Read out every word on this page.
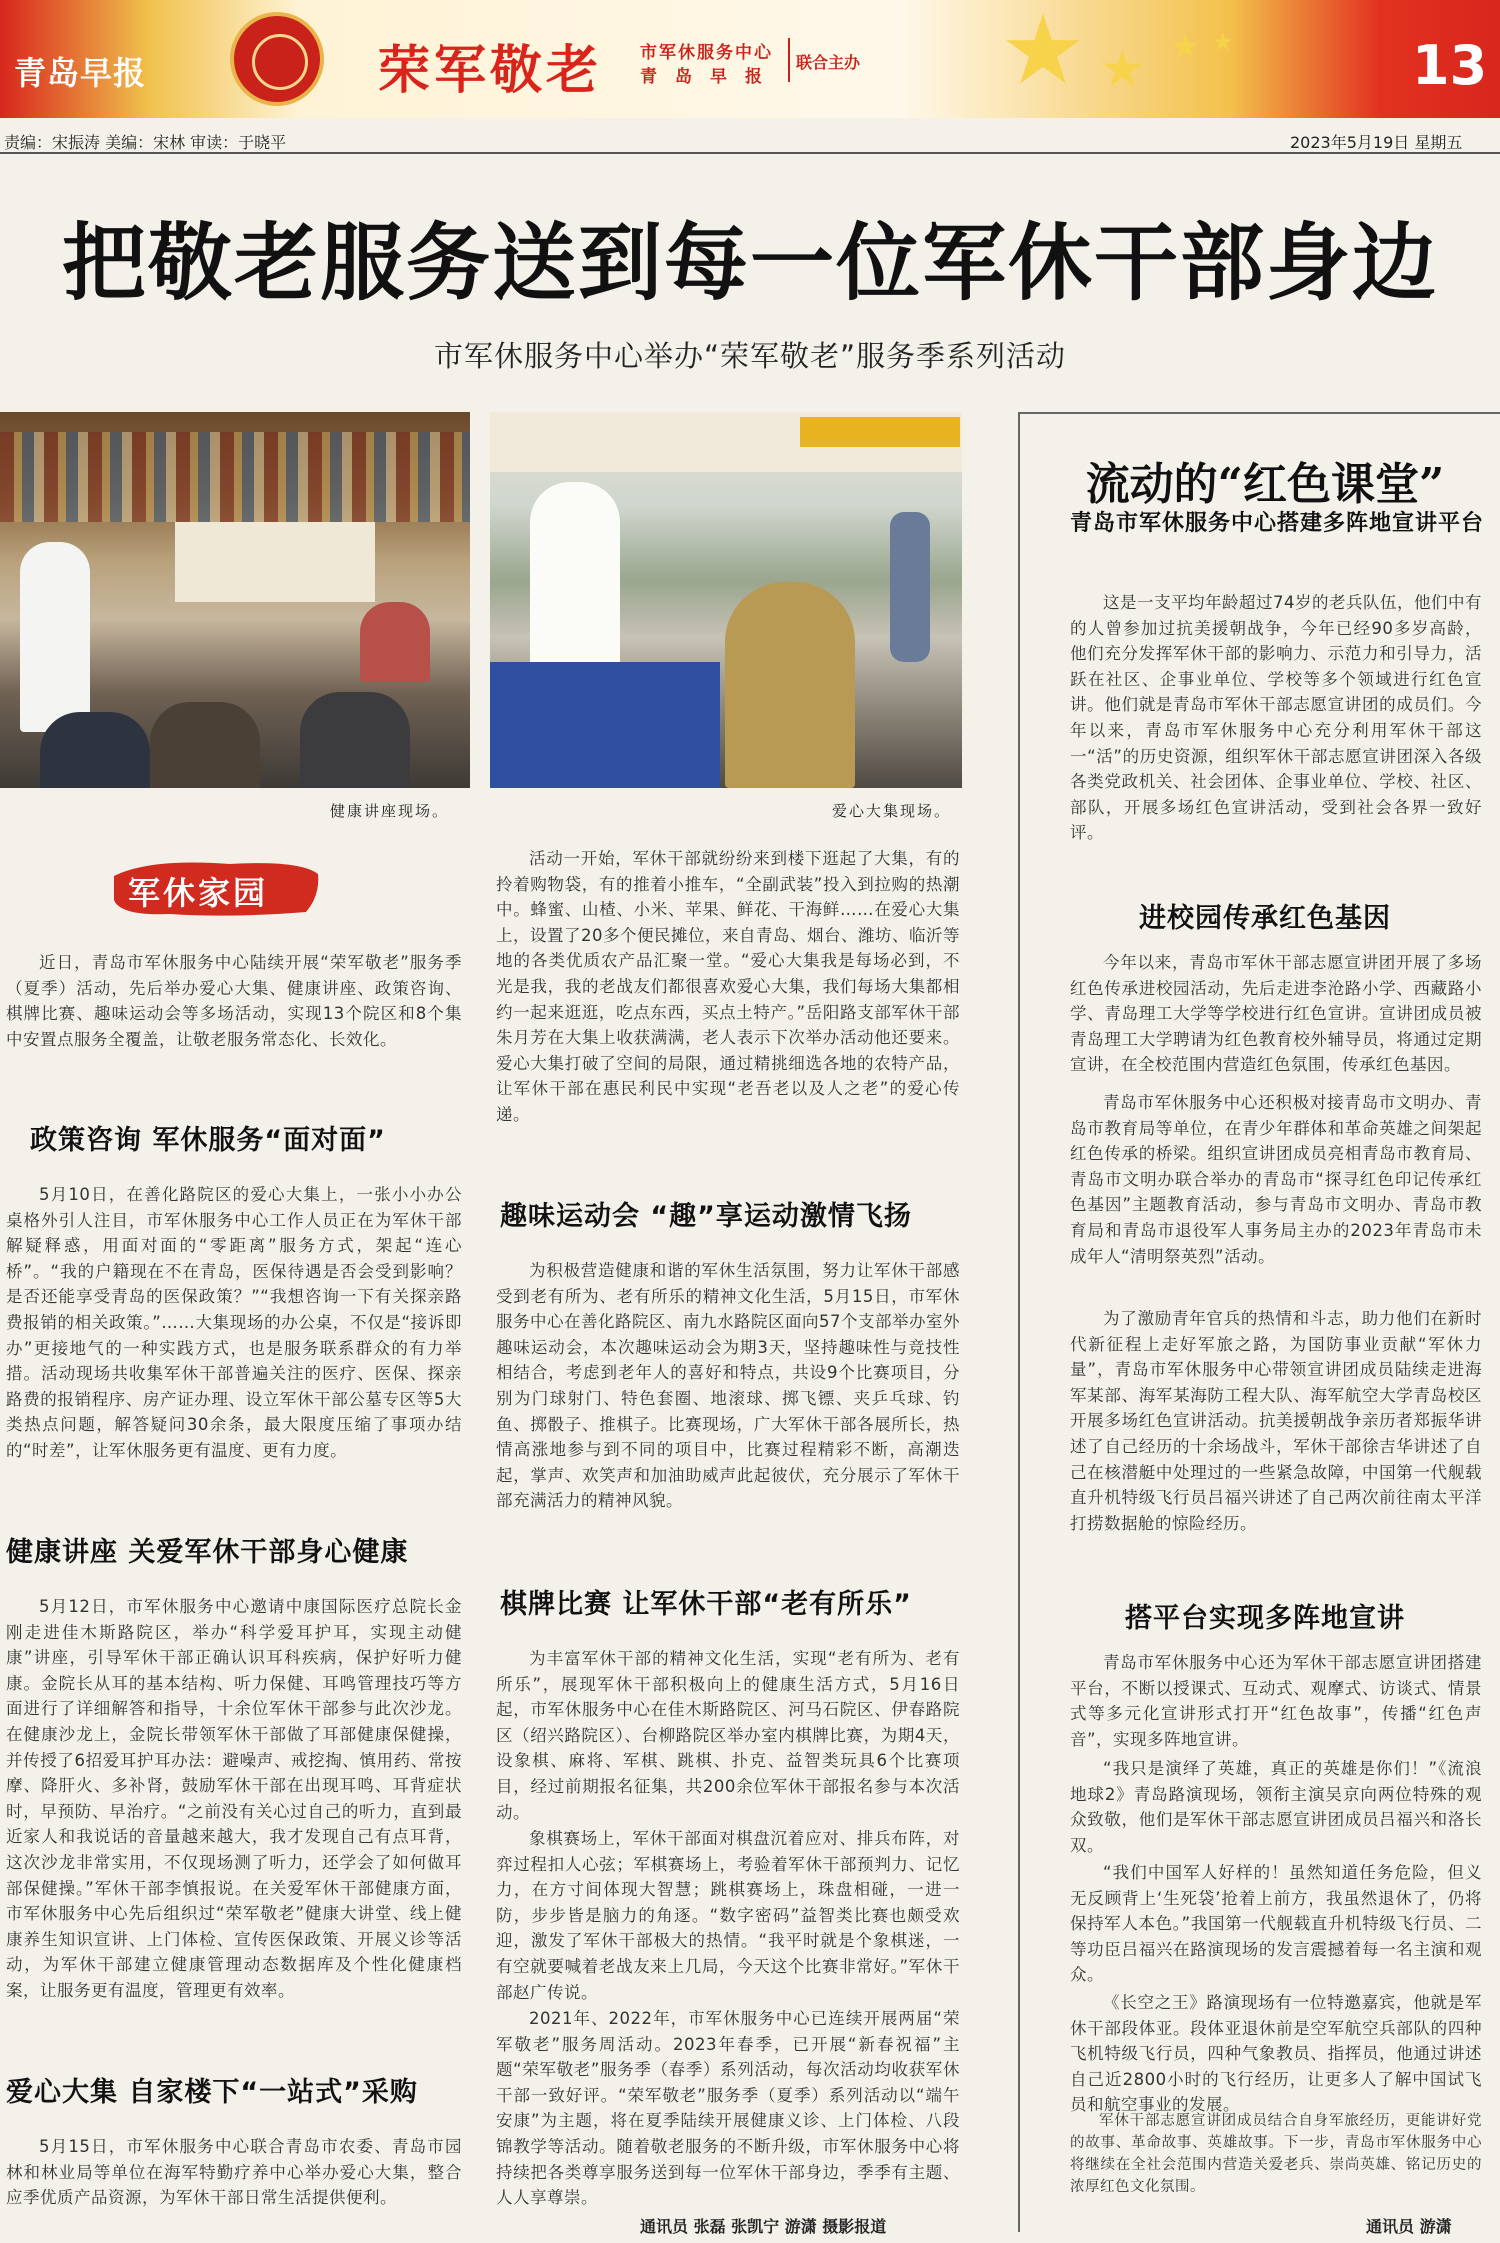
青岛早报	荣军敬老 市军休服务中心
青岛早报
联合主办 ★ ★ ★ ★	13
责编：宋振涛 美编：宋林 审读：于晓平	2023年5月19日 星期五
把敬老服务送到每一位军休干部身边
市军休服务中心举办“荣军敬老”服务季系列活动
健康讲座现场。	爱心大集现场。
军休家园
近日，青岛市军休服务中心陆续开展“荣军敬老”服务季（夏季）活动，先后举办爱心大集、健康讲座、政策咨询、棋牌比赛、趣味运动会等多场活动，实现13个院区和8个集中安置点服务全覆盖，让敬老服务常态化、长效化。
政策咨询 军休服务“面对面”
5月10日，在善化路院区的爱心大集上，一张小小办公桌格外引人注目，市军休服务中心工作人员正在为军休干部解疑释惑，用面对面的“零距离”服务方式，架起“连心桥”。“我的户籍现在不在青岛，医保待遇是否会受到影响？是否还能享受青岛的医保政策？”“我想咨询一下有关探亲路费报销的相关政策。”……大集现场的办公桌，不仅是“接诉即办”更接地气的一种实践方式，也是服务联系群众的有力举措。活动现场共收集军休干部普遍关注的医疗、医保、探亲路费的报销程序、房产证办理、设立军休干部公墓专区等5大类热点问题，解答疑问30余条，最大限度压缩了事项办结的“时差”，让军休服务更有温度、更有力度。
健康讲座 关爱军休干部身心健康
5月12日，市军休服务中心邀请中康国际医疗总院长金刚走进佳木斯路院区，举办“科学爱耳护耳，实现主动健康”讲座，引导军休干部正确认识耳科疾病，保护好听力健康。金院长从耳的基本结构、听力保健、耳鸣管理技巧等方面进行了详细解答和指导，十余位军休干部参与此次沙龙。在健康沙龙上，金院长带领军休干部做了耳部健康保健操，并传授了6招爱耳护耳办法：避噪声、戒挖掏、慎用药、常按摩、降肝火、多补肾，鼓励军休干部在出现耳鸣、耳背症状时，早预防、早治疗。“之前没有关心过自己的听力，直到最近家人和我说话的音量越来越大，我才发现自己有点耳背，这次沙龙非常实用，不仅现场测了听力，还学会了如何做耳部保健操。”军休干部李慎报说。在关爱军休干部健康方面，市军休服务中心先后组织过“荣军敬老”健康大讲堂、线上健康养生知识宣讲、上门体检、宣传医保政策、开展义诊等活动，为军休干部建立健康管理动态数据库及个性化健康档案，让服务更有温度，管理更有效率。
爱心大集 自家楼下“一站式”采购
5月15日，市军休服务中心联合青岛市农委、青岛市园林和林业局等单位在海军特勤疗养中心举办爱心大集，整合应季优质产品资源，为军休干部日常生活提供便利。
活动一开始，军休干部就纷纷来到楼下逛起了大集，有的拎着购物袋，有的推着小推车，“全副武装”投入到拉购的热潮中。蜂蜜、山楂、小米、苹果、鲜花、干海鲜……在爱心大集上，设置了20多个便民摊位，来自青岛、烟台、潍坊、临沂等地的各类优质农产品汇聚一堂。“爱心大集我是每场必到，不光是我，我的老战友们都很喜欢爱心大集，我们每场大集都相约一起来逛逛，吃点东西，买点土特产。”岳阳路支部军休干部朱月芳在大集上收获满满，老人表示下次举办活动他还要来。爱心大集打破了空间的局限，通过精挑细选各地的农特产品，让军休干部在惠民利民中实现“老吾老以及人之老”的爱心传递。
趣味运动会 “趣”享运动激情飞扬
为积极营造健康和谐的军休生活氛围，努力让军休干部感受到老有所为、老有所乐的精神文化生活，5月15日，市军休服务中心在善化路院区、南九水路院区面向57个支部举办室外趣味运动会，本次趣味运动会为期3天，坚持趣味性与竞技性相结合，考虑到老年人的喜好和特点，共设9个比赛项目，分别为门球射门、特色套圈、地滚球、掷飞镖、夹乒乓球、钓鱼、掷骰子、推棋子。比赛现场，广大军休干部各展所长，热情高涨地参与到不同的项目中，比赛过程精彩不断，高潮迭起，掌声、欢笑声和加油助威声此起彼伏，充分展示了军休干部充满活力的精神风貌。
棋牌比赛 让军休干部“老有所乐”
为丰富军休干部的精神文化生活，实现“老有所为、老有所乐”，展现军休干部积极向上的健康生活方式，5月16日起，市军休服务中心在佳木斯路院区、河马石院区、伊春路院区（绍兴路院区）、台柳路院区举办室内棋牌比赛，为期4天，设象棋、麻将、军棋、跳棋、扑克、益智类玩具6个比赛项目，经过前期报名征集，共200余位军休干部报名参与本次活动。
象棋赛场上，军休干部面对棋盘沉着应对、排兵布阵，对弈过程扣人心弦；军棋赛场上，考验着军休干部预判力、记忆力，在方寸间体现大智慧；跳棋赛场上，珠盘相碰，一进一防，步步皆是脑力的角逐。“数字密码”益智类比赛也颇受欢迎，激发了军休干部极大的热情。“我平时就是个象棋迷，一有空就要喊着老战友来上几局，今天这个比赛非常好。”军休干部赵广传说。
2021年、2022年，市军休服务中心已连续开展两届“荣军敬老”服务周活动。2023年春季，已开展“新春祝福”主题“荣军敬老”服务季（春季）系列活动，每次活动均收获军休干部一致好评。“荣军敬老”服务季（夏季）系列活动以“端午安康”为主题，将在夏季陆续开展健康义诊、上门体检、八段锦教学等活动。随着敬老服务的不断升级，市军休服务中心将持续把各类尊享服务送到每一位军休干部身边，季季有主题、人人享尊崇。
通讯员 张磊 张凯宁 游潇 摄影报道
流动的“红色课堂”
青岛市军休服务中心搭建多阵地宣讲平台
这是一支平均年龄超过74岁的老兵队伍，他们中有的人曾参加过抗美援朝战争，今年已经90多岁高龄，他们充分发挥军休干部的影响力、示范力和引导力，活跃在社区、企事业单位、学校等多个领域进行红色宣讲。他们就是青岛市军休干部志愿宣讲团的成员们。今年以来，青岛市军休服务中心充分利用军休干部这一“活”的历史资源，组织军休干部志愿宣讲团深入各级各类党政机关、社会团体、企事业单位、学校、社区、部队，开展多场红色宣讲活动，受到社会各界一致好评。
进校园传承红色基因
今年以来，青岛市军休干部志愿宣讲团开展了多场红色传承进校园活动，先后走进李沧路小学、西藏路小学、青岛理工大学等学校进行红色宣讲。宣讲团成员被青岛理工大学聘请为红色教育校外辅导员，将通过定期宣讲，在全校范围内营造红色氛围，传承红色基因。
青岛市军休服务中心还积极对接青岛市文明办、青岛市教育局等单位，在青少年群体和革命英雄之间架起红色传承的桥梁。组织宣讲团成员亮相青岛市教育局、青岛市文明办联合举办的青岛市“探寻红色印记传承红色基因”主题教育活动，参与青岛市文明办、青岛市教育局和青岛市退役军人事务局主办的2023年青岛市未成年人“清明祭英烈”活动。
为了激励青年官兵的热情和斗志，助力他们在新时代新征程上走好军旅之路，为国防事业贡献“军休力量”，青岛市军休服务中心带领宣讲团成员陆续走进海军某部、海军某海防工程大队、海军航空大学青岛校区开展多场红色宣讲活动。抗美援朝战争亲历者郑振华讲述了自己经历的十余场战斗，军休干部徐吉华讲述了自己在核潜艇中处理过的一些紧急故障，中国第一代舰载直升机特级飞行员吕福兴讲述了自己两次前往南太平洋打捞数据舱的惊险经历。
搭平台实现多阵地宣讲
青岛市军休服务中心还为军休干部志愿宣讲团搭建平台，不断以授课式、互动式、观摩式、访谈式、情景式等多元化宣讲形式打开“红色故事”，传播“红色声音”，实现多阵地宣讲。
“我只是演绎了英雄，真正的英雄是你们！”《流浪地球2》青岛路演现场，领衔主演吴京向两位特殊的观众致敬，他们是军休干部志愿宣讲团成员吕福兴和洛长双。
“我们中国军人好样的！虽然知道任务危险，但义无反顾背上‘生死袋’抢着上前方，我虽然退休了，仍将保持军人本色。”我国第一代舰载直升机特级飞行员、二等功臣吕福兴在路演现场的发言震撼着每一名主演和观众。
《长空之王》路演现场有一位特邀嘉宾，他就是军休干部段体亚。段体亚退休前是空军航空兵部队的四种飞机特级飞行员，四种气象教员、指挥员，他通过讲述自己近2800小时的飞行经历，让更多人了解中国试飞员和航空事业的发展。
军休干部志愿宣讲团成员结合自身军旅经历，更能讲好党的故事、革命故事、英雄故事。下一步，青岛市军休服务中心将继续在全社会范围内营造关爱老兵、崇尚英雄、铭记历史的浓厚红色文化氛围。
通讯员 游潇
